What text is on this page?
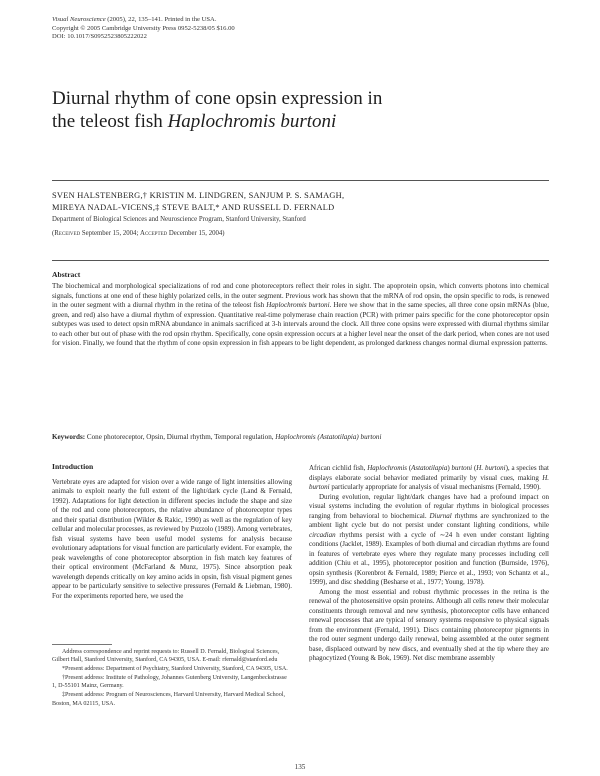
Visual Neuroscience (2005), 22, 135–141. Printed in the USA.
Copyright © 2005 Cambridge University Press 0952-5238/05 $16.00
DOI: 10.1017/S0952523805222022
Diurnal rhythm of cone opsin expression in
the teleost fish Haplochromis burtoni
SVEN HALSTENBERG,† KRISTIN M. LINDGREN, SANJUM P. S. SAMAGH,
MIREYA NADAL-VICENS,‡ STEVE BALT,* AND RUSSELL D. FERNALD
Department of Biological Sciences and Neuroscience Program, Stanford University, Stanford
(Received September 15, 2004; Accepted December 15, 2004)
Abstract

The biochemical and morphological specializations of rod and cone photoreceptors reflect their roles in sight. The apoprotein opsin, which converts photons into chemical signals, functions at one end of these highly polarized cells, in the outer segment. Previous work has shown that the mRNA of rod opsin, the opsin specific to rods, is renewed in the outer segment with a diurnal rhythm in the retina of the teleost fish Haplochromis burtoni. Here we show that in the same species, all three cone opsin mRNAs (blue, green, and red) also have a diurnal rhythm of expression. Quantitative real-time polymerase chain reaction (PCR) with primer pairs specific for the cone photoreceptor opsin subtypes was used to detect opsin mRNA abundance in animals sacrificed at 3-h intervals around the clock. All three cone opsins were expressed with diurnal rhythms similar to each other but out of phase with the rod opsin rhythm. Specifically, cone opsin expression occurs at a higher level near the onset of the dark period, when cones are not used for vision. Finally, we found that the rhythm of cone opsin expression in fish appears to be light dependent, as prolonged darkness changes normal diurnal expression patterns.

Keywords: Cone photoreceptor, Opsin, Diurnal rhythm, Temporal regulation, Haplochromis (Astatotilapia) burtoni
Introduction

Vertebrate eyes are adapted for vision over a wide range of light intensities allowing animals to exploit nearly the full extent of the light/dark cycle (Land & Fernald, 1992). Adaptations for light detection in different species include the shape and size of the rod and cone photoreceptors, the relative abundance of photoreceptor types and their spatial distribution (Wikler & Rakic, 1990) as well as the regulation of key cellular and molecular processes, as reviewed by Puzzolo (1989). Among vertebrates, fish visual systems have been useful model systems for analysis because evolutionary adaptations for visual function are particularly evident. For example, the peak wavelengths of cone photoreceptor absorption in fish match key features of their optical environment (McFarland & Munz, 1975). Since absorption peak wavelength depends critically on key amino acids in opsin, fish visual pigment genes appear to be particularly sensitive to selective pressures (Fernald & Liebman, 1980). For the experiments reported here, we used the

Address correspondence and reprint requests to: Russell D. Fernald, Biological Sciences, Gilbert Hall, Stanford University, Stanford, CA 94305, USA. E-mail: rfernald@stanford.edu

*Present address: Department of Psychiatry, Stanford University, Stanford, CA 94305, USA.

†Present address: Institute of Pathology, Johannes Gutenberg University, Langenbeckstrasse 1, D-55101 Mainz, Germany.

‡Present address: Program of Neurosciences, Harvard University, Harvard Medical School, Boston, MA 02115, USA.

African cichlid fish, Haplochromis (Astatotilapia) burtoni (H. burtoni), a species that displays elaborate social behavior mediated primarily by visual cues, making H. burtoni particularly appropriate for analysis of visual mechanisms (Fernald, 1990).

During evolution, regular light/dark changes have had a profound impact on visual systems including the evolution of regular rhythms in biological processes ranging from behavioral to biochemical. Diurnal rhythms are synchronized to the ambient light cycle but do not persist under constant lighting conditions, while circadian rhythms persist with a cycle of ∼24 h even under constant lighting conditions (Jacklet, 1989). Examples of both diurnal and circadian rhythms are found in features of vertebrate eyes where they regulate many processes including cell addition (Chiu et al., 1995), photoreceptor position and function (Burnside, 1976), opsin synthesis (Korenbrot & Fernald, 1989; Pierce et al., 1993; von Schantz et al., 1999), and disc shedding (Besharse et al., 1977; Young, 1978).

Among the most essential and robust rhythmic processes in the retina is the renewal of the photosensitive opsin proteins. Although all cells renew their molecular constituents through removal and new synthesis, photoreceptor cells have enhanced renewal processes that are typical of sensory systems responsive to physical signals from the environment (Fernald, 1991). Discs containing photoreceptor pigments in the rod outer segment undergo daily renewal, being assembled at the outer segment base, displaced outward by new discs, and eventually shed at the tip where they are phagocytized (Young & Bok, 1969). Net disc membrane assembly

135
